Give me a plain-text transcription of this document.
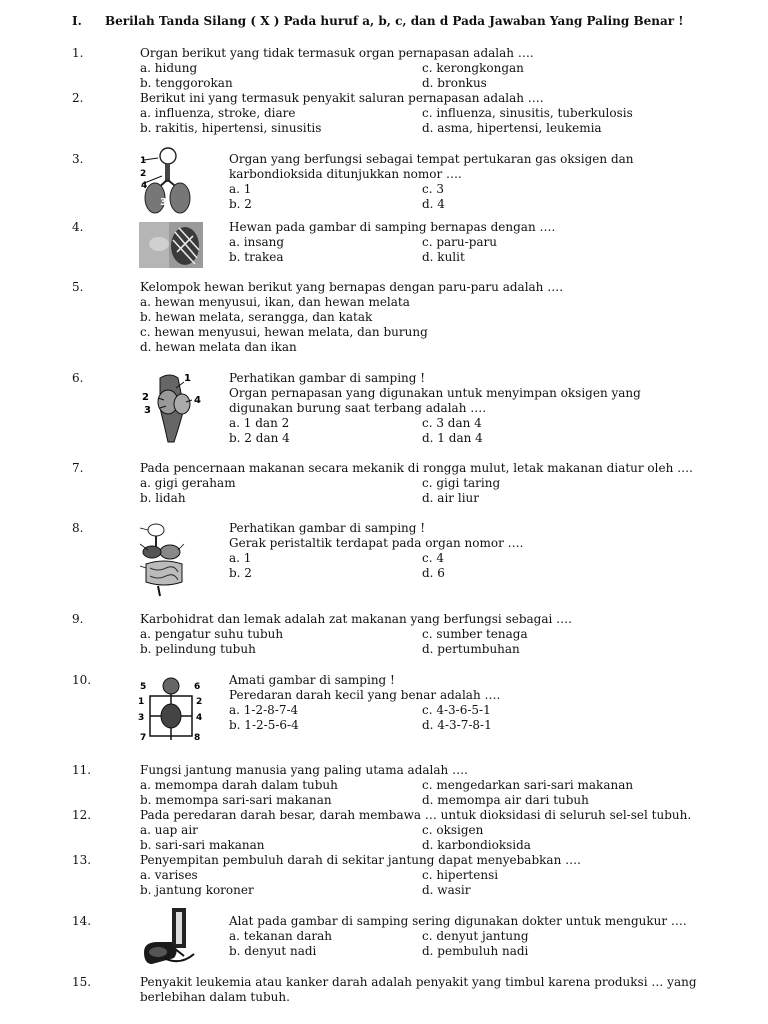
I. Berilah Tanda Silang ( X ) Pada huruf a, b, c, dan d Pada Jawaban Yang Paling Benar !
1.	Organ berikut yang tidak termasuk organ pernapasan adalah ….
a. hidung	c. kerongkongan
b. tenggorokan	d. bronkus
2.	Berikut ini yang termasuk penyakit saluran pernapasan adalah ….
a. influenza, stroke, diare	c. influenza, sinusitis, tuberkulosis
b. rakitis, hipertensi, sinusitis	d. asma, hipertensi, leukemia
3.	1
2
3
4
Organ yang berfungsi sebagai tempat pertukaran gas oksigen dan
karbondioksida ditunjukkan nomor ….
a. 1	c. 3
b. 2	d. 4
4.	Hewan pada gambar di samping bernapas dengan ….
a. insang	c. paru-paru
b. trakea	d. kulit
5.	Kelompok hewan berikut yang bernapas dengan paru-paru adalah ….
a. hewan menyusui, ikan, dan hewan melata
b. hewan melata, serangga, dan katak
c. hewan menyusui, hewan melata, dan burung
d. hewan melata dan ikan
6.	1
2
3
4
Perhatikan gambar di samping !
Organ pernapasan yang digunakan untuk menyimpan oksigen yang
digunakan burung saat terbang adalah ….
a. 1 dan 2	c. 3 dan 4
b. 2 dan 4	d. 1 dan 4
7.	Pada pencernaan makanan secara mekanik di rongga mulut, letak makanan diatur oleh ….
a. gigi geraham	c. gigi taring
b. lidah	d. air liur
8.	Perhatikan gambar di samping !
Gerak peristaltik terdapat pada organ nomor ….
a. 1	c. 4
b. 2	d. 6
9.	Karbohidrat dan lemak adalah zat makanan yang berfungsi sebagai ….
a. pengatur suhu tubuh	c. sumber tenaga
b. pelindung tubuh	d. pertumbuhan
10.	5	6
1	2
3	4
7	8
Amati gambar di samping !
Peredaran darah kecil yang benar adalah ….
a. 1-2-8-7-4	c. 4-3-6-5-1
b. 1-2-5-6-4	d. 4-3-7-8-1
11.	Fungsi jantung manusia yang paling utama adalah ….
a. memompa darah dalam tubuh	c. mengedarkan sari-sari makanan
b. memompa sari-sari makanan	d. memompa air dari tubuh
12.	Pada peredaran darah besar, darah membawa … untuk dioksidasi di seluruh sel-sel tubuh.
a. uap air	c. oksigen
b. sari-sari makanan	d. karbondioksida
13.	Penyempitan pembuluh darah di sekitar jantung dapat menyebabkan ….
a. varises	c. hipertensi
b. jantung koroner	d. wasir
14.	Alat pada gambar di samping sering digunakan dokter untuk mengukur ….
a. tekanan darah	c. denyut jantung
b. denyut nadi	d. pembuluh nadi
15.	Penyakit leukemia atau kanker darah adalah penyakit yang timbul karena produksi … yang
berlebihan dalam tubuh.
